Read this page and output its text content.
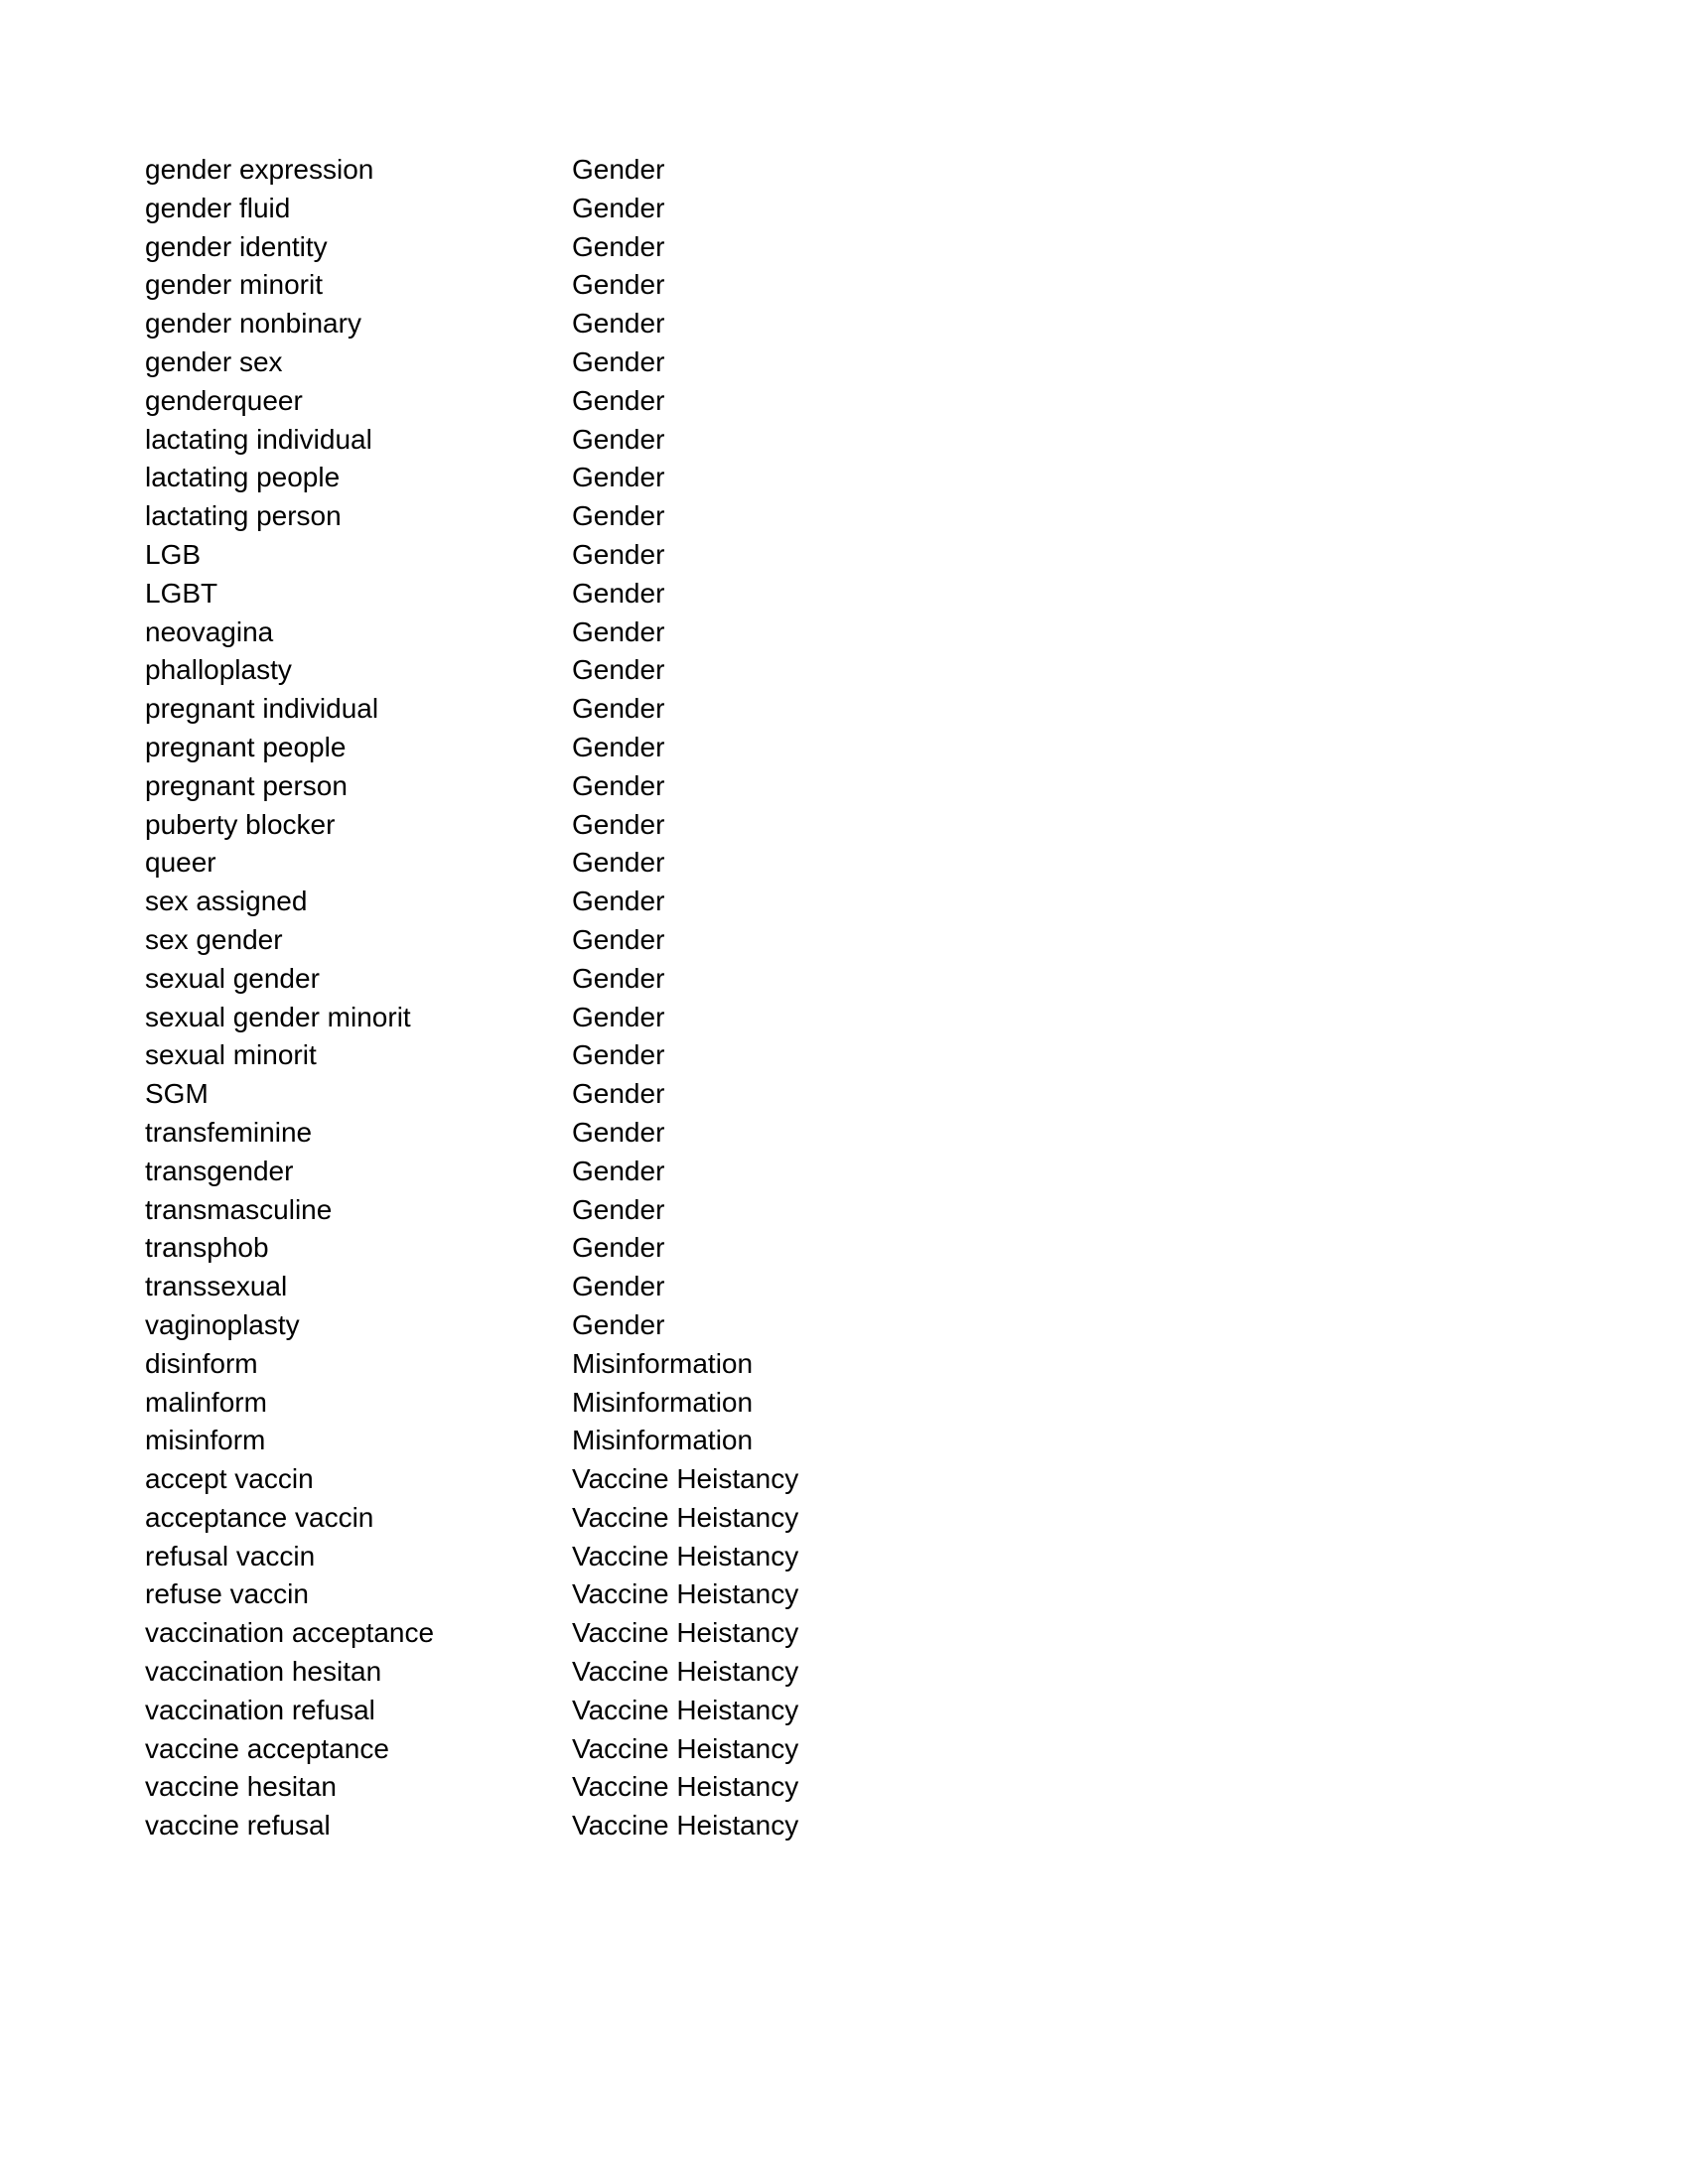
gender expression	Gender
gender fluid	Gender
gender identity	Gender
gender minorit	Gender
gender nonbinary	Gender
gender sex	Gender
genderqueer	Gender
lactating individual	Gender
lactating people	Gender
lactating person	Gender
LGB	Gender
LGBT	Gender
neovagina	Gender
phalloplasty	Gender
pregnant individual	Gender
pregnant people	Gender
pregnant person	Gender
puberty blocker	Gender
queer	Gender
sex assigned	Gender
sex gender	Gender
sexual gender	Gender
sexual gender minorit	Gender
sexual minorit	Gender
SGM	Gender
transfeminine	Gender
transgender	Gender
transmasculine	Gender
transphob	Gender
transsexual	Gender
vaginoplasty	Gender
disinform	Misinformation
malinform	Misinformation
misinform	Misinformation
accept vaccin	Vaccine Heistancy
acceptance vaccin	Vaccine Heistancy
refusal vaccin	Vaccine Heistancy
refuse vaccin	Vaccine Heistancy
vaccination acceptance	Vaccine Heistancy
vaccination hesitan	Vaccine Heistancy
vaccination refusal	Vaccine Heistancy
vaccine acceptance	Vaccine Heistancy
vaccine hesitan	Vaccine Heistancy
vaccine refusal	Vaccine Heistancy
